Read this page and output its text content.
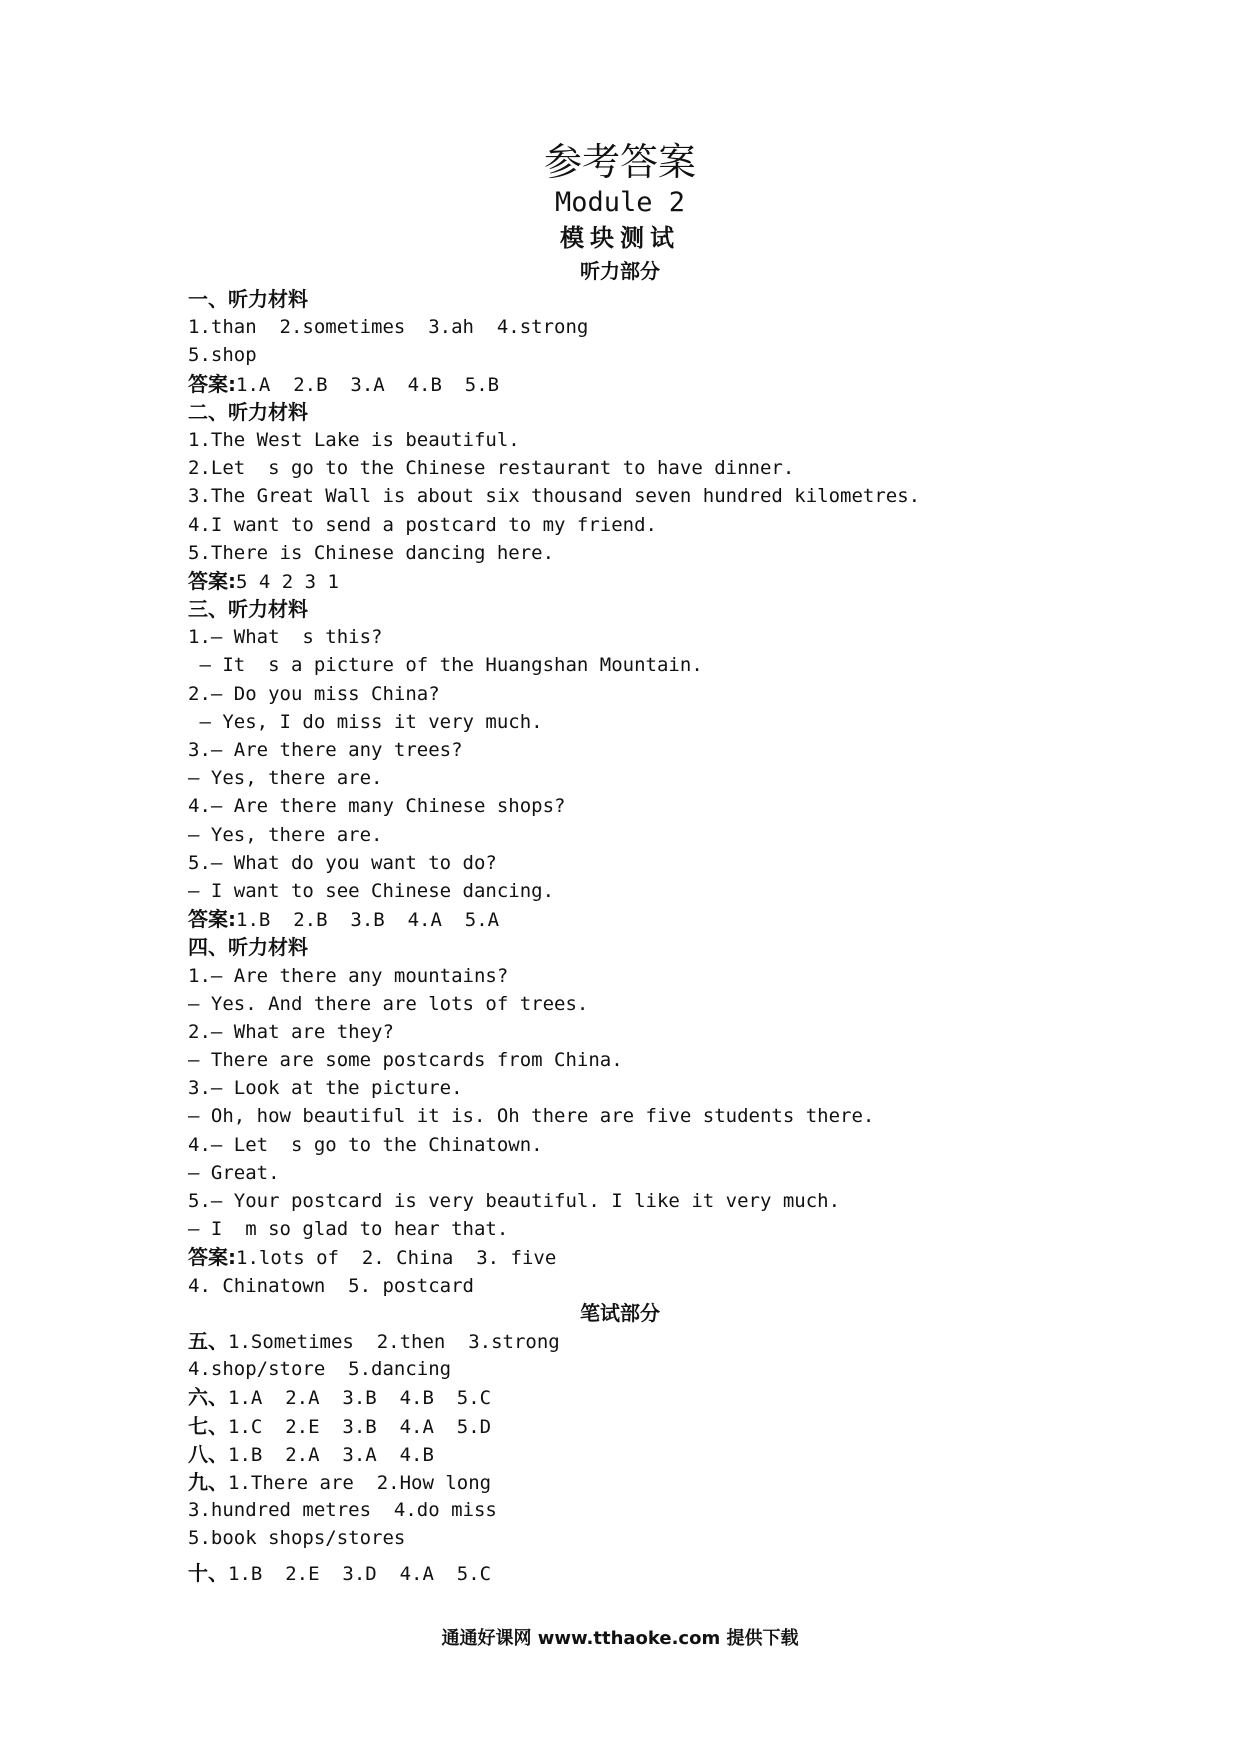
参考答案
Module 2
模块测试
听力部分
一、听力材料
1.than  2.sometimes  3.ah  4.strong
5.shop
答案:1.A  2.B  3.A  4.B  5.B
二、听力材料
1.The West Lake is beautiful.
2.Let  s go to the Chinese restaurant to have dinner.
3.The Great Wall is about six thousand seven hundred kilometres.
4.I want to send a postcard to my friend.
5.There is Chinese dancing here.
答案:5 4 2 3 1
三、听力材料
1.— What  s this?
— It  s a picture of the Huangshan Mountain.
2.— Do you miss China?
— Yes, I do miss it very much.
3.— Are there any trees?
— Yes, there are.
4.— Are there many Chinese shops?
— Yes, there are.
5.— What do you want to do?
— I want to see Chinese dancing.
答案:1.B  2.B  3.B  4.A  5.A
四、听力材料
1.— Are there any mountains?
— Yes. And there are lots of trees.
2.— What are they?
— There are some postcards from China.
3.— Look at the picture.
— Oh, how beautiful it is. Oh there are five students there.
4.— Let  s go to the Chinatown.
— Great.
5.— Your postcard is very beautiful. I like it very much.
— I  m so glad to hear that.
答案:1.lots of  2. China  3. five
4. Chinatown  5. postcard
笔试部分
五、1.Sometimes  2.then  3.strong
4.shop/store  5.dancing
六、1.A  2.A  3.B  4.B  5.C
七、1.C  2.E  3.B  4.A  5.D
八、1.B  2.A  3.A  4.B
九、1.There are  2.How long
3.hundred metres  4.do miss
5.book shops/stores
十、1.B  2.E  3.D  4.A  5.C
通通好课网 www.tthaoke.com 提供下载
